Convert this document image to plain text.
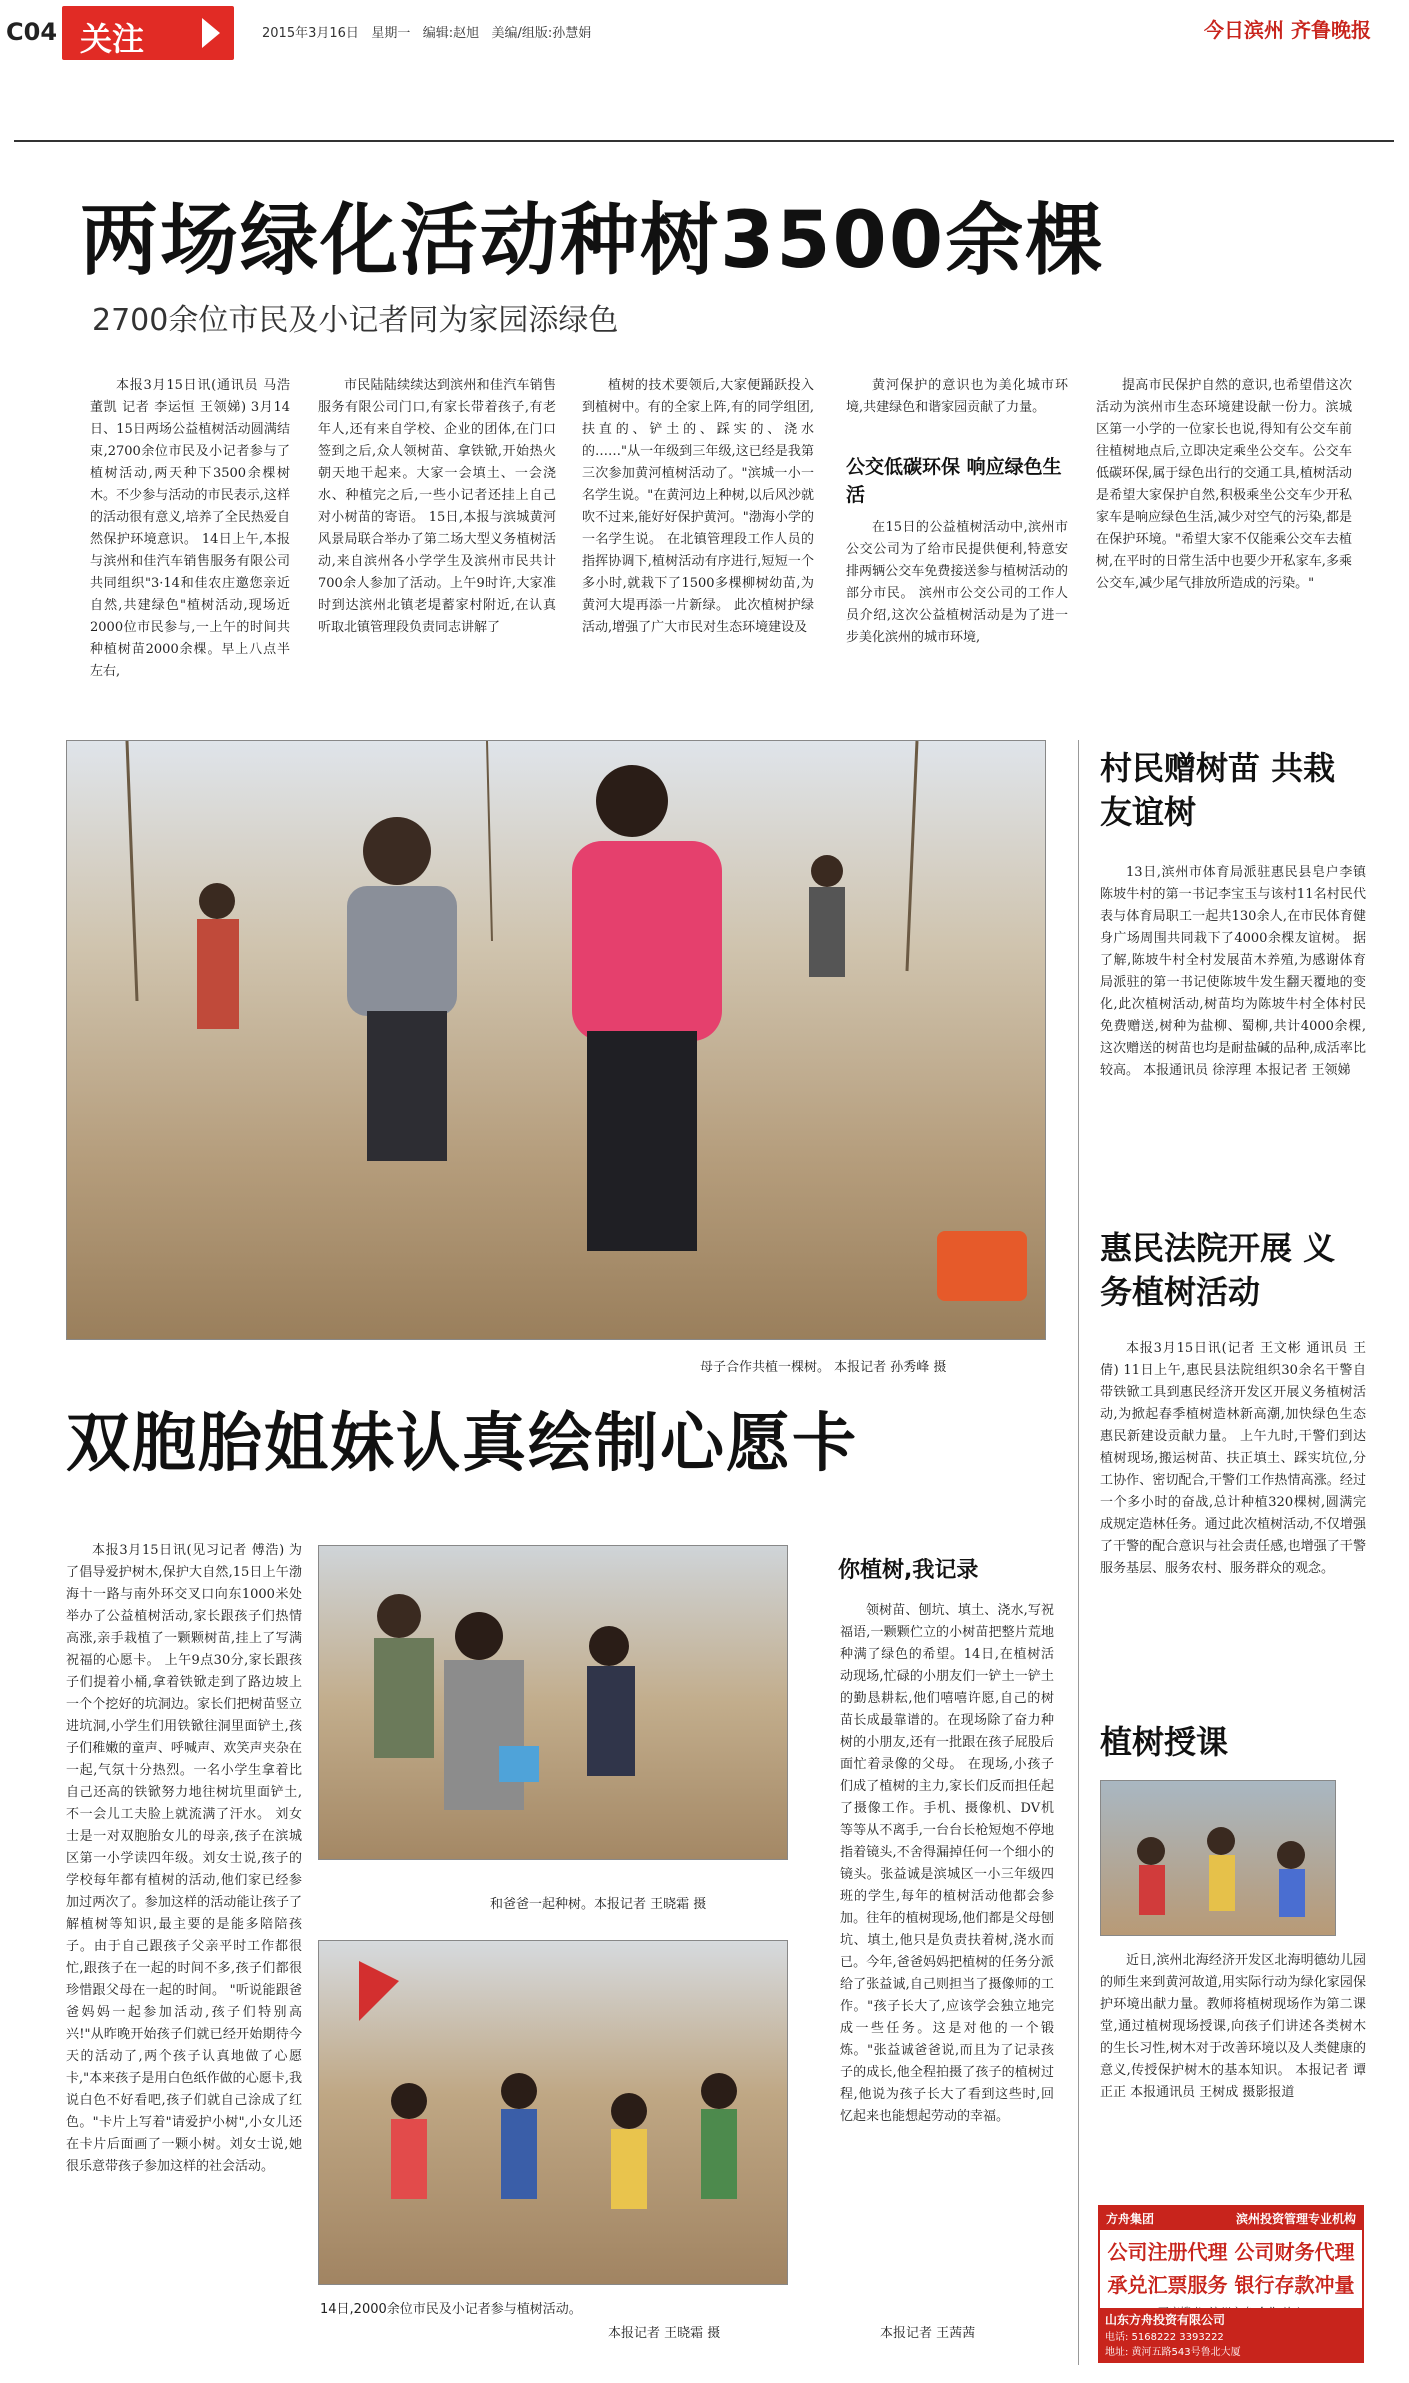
C04 关注	2015年3月16日 星期一 编辑:赵旭 美编/组版:孙慧娟	今日滨州 齐鲁晚报
两场绿化活动种树3500余棵
2700余位市民及小记者同为家园添绿色

本报3月15日讯(通讯员 马浩 董凯 记者 李运恒 王领娣) 3月14日、15日两场公益植树活动圆满结束,2700余位市民及小记者参与了植树活动,两天种下3500余棵树木。不少参与活动的市民表示,这样的活动很有意义,培养了全民热爱自然保护环境意识。 14日上午,本报与滨州和佳汽车销售服务有限公司共同组织"3·14和佳农庄邀您亲近自然,共建绿色"植树活动,现场近2000位市民参与,一上午的时间共种植树苗2000余棵。早上八点半左右,

市民陆陆续续达到滨州和佳汽车销售服务有限公司门口,有家长带着孩子,有老年人,还有来自学校、企业的团体,在门口签到之后,众人领树苗、拿铁锨,开始热火朝天地干起来。大家一会填土、一会浇水、种植完之后,一些小记者还挂上自己对小树苗的寄语。 15日,本报与滨城黄河风景局联合举办了第二场大型义务植树活动,来自滨州各小学学生及滨州市民共计700余人参加了活动。上午9时许,大家准时到达滨州北镇老堤蓄家村附近,在认真听取北镇管理段负责同志讲解了

植树的技术要领后,大家便踊跃投入到植树中。有的全家上阵,有的同学组团,扶直的、铲土的、踩实的、浇水的……"从一年级到三年级,这已经是我第三次参加黄河植树活动了。"滨城一小一名学生说。"在黄河边上种树,以后风沙就吹不过来,能好好保护黄河。"渤海小学的一名学生说。 在北镇管理段工作人员的指挥协调下,植树活动有序进行,短短一个多小时,就栽下了1500多棵柳树幼苗,为黄河大堤再添一片新绿。 此次植树护绿活动,增强了广大市民对生态环境建设及

黄河保护的意识也为美化城市环境,共建绿色和谐家园贡献了力量。

公交低碳环保 响应绿色生活

在15日的公益植树活动中,滨州市公交公司为了给市民提供便利,特意安排两辆公交车免费接送参与植树活动的部分市民。 滨州市公交公司的工作人员介绍,这次公益植树活动是为了进一步美化滨州的城市环境,

提高市民保护自然的意识,也希望借这次活动为滨州市生态环境建设献一份力。滨城区第一小学的一位家长也说,得知有公交车前往植树地点后,立即决定乘坐公交车。公交车低碳环保,属于绿色出行的交通工具,植树活动是希望大家保护自然,积极乘坐公交车少开私家车是响应绿色生活,减少对空气的污染,都是在保护环境。"希望大家不仅能乘公交车去植树,在平时的日常生活中也要少开私家车,多乘公交车,减少尾气排放所造成的污染。"

母子合作共植一棵树。 本报记者 孙秀峰 摄
村民赠树苗 共栽友谊树

13日,滨州市体育局派驻惠民县皂户李镇陈坡牛村的第一书记李宝玉与该村11名村民代表与体育局职工一起共130余人,在市民体育健身广场周围共同栽下了4000余棵友谊树。 据了解,陈坡牛村全村发展苗木养殖,为感谢体育局派驻的第一书记使陈坡牛发生翻天覆地的变化,此次植树活动,树苗均为陈坡牛村全体村民免费赠送,树种为盐柳、蜀柳,共计4000余棵,这次赠送的树苗也均是耐盐碱的品种,成活率比较高。 本报通讯员 徐淳理 本报记者 王领娣

惠民法院开展 义务植树活动

本报3月15日讯(记者 王文彬 通讯员 王倩) 11日上午,惠民县法院组织30余名干警自带铁锨工具到惠民经济开发区开展义务植树活动,为掀起春季植树造林新高潮,加快绿色生态惠民新建设贡献力量。 上午九时,干警们到达植树现场,搬运树苗、扶正填土、踩实坑位,分工协作、密切配合,干警们工作热情高涨。经过一个多小时的奋战,总计种植320棵树,圆满完成规定造林任务。通过此次植树活动,不仅增强了干警的配合意识与社会责任感,也增强了干警服务基层、服务农村、服务群众的观念。

植树授课

近日,滨州北海经济开发区北海明德幼儿园的师生来到黄河故道,用实际行动为绿化家园保护环境出献力量。教师将植树现场作为第二课堂,通过植树现场授课,向孩子们讲述各类树木的生长习性,树木对于改善环境以及人类健康的意义,传授保护树木的基本知识。 本报记者 谭正正 本报通讯员 王树成 摄影报道

方舟集团	滨州投资管理专业机构
公司注册代理 公司财务代理
承兑汇票服务 银行存款冲量
山东方舟投资有限公司
电话: 5168222 3393222
地址: 黄河五路543号鲁北大厦
双胞胎姐妹认真绘制心愿卡

本报3月15日讯(见习记者 傅浩) 为了倡导爱护树木,保护大自然,15日上午渤海十一路与南外环交叉口向东1000米处举办了公益植树活动,家长跟孩子们热情高涨,亲手栽植了一颗颗树苗,挂上了写满祝福的心愿卡。 上午9点30分,家长跟孩子们提着小桶,拿着铁锨走到了路边坡上一个个挖好的坑洞边。家长们把树苗竖立进坑洞,小学生们用铁锨往洞里面铲土,孩子们稚嫩的童声、呼喊声、欢笑声夹杂在一起,气氛十分热烈。一名小学生拿着比自己还高的铁锨努力地往树坑里面铲土,不一会儿工夫脸上就流满了汗水。 刘女士是一对双胞胎女儿的母亲,孩子在滨城区第一小学读四年级。刘女士说,孩子的学校每年都有植树的活动,他们家已经参加过两次了。参加这样的活动能让孩子了解植树等知识,最主要的是能多陪陪孩子。由于自己跟孩子父亲平时工作都很忙,跟孩子在一起的时间不多,孩子们都很珍惜跟父母在一起的时间。 "听说能跟爸爸妈妈一起参加活动,孩子们特别高兴!"从昨晚开始孩子们就已经开始期待今天的活动了,两个孩子认真地做了心愿卡,"本来孩子是用白色纸作做的心愿卡,我说白色不好看吧,孩子们就自己涂成了红色。"卡片上写着"请爱护小树",小女儿还在卡片后面画了一颗小树。刘女士说,她很乐意带孩子参加这样的社会活动。

和爸爸一起种树。本报记者 王晓霜 摄
14日,2000余位市民及小记者参与植树活动。
本报记者 王晓霜 摄
你植树,我记录

领树苗、刨坑、填土、浇水,写祝福语,一颗颗伫立的小树苗把整片荒地种满了绿色的希望。14日,在植树活动现场,忙碌的小朋友们一铲土一铲土的勤恳耕耘,他们嘻嘻许愿,自己的树苗长成最靠谱的。在现场除了奋力种树的小朋友,还有一批跟在孩子屁股后面忙着录像的父母。 在现场,小孩子们成了植树的主力,家长们反而担任起了摄像工作。手机、摄像机、DV机等等从不离手,一台台长枪短炮不停地指着镜头,不舍得漏掉任何一个细小的镜头。张益诚是滨城区一小三年级四班的学生,每年的植树活动他都会参加。往年的植树现场,他们都是父母刨坑、填土,他只是负责扶着树,浇水而已。今年,爸爸妈妈把植树的任务分派给了张益诚,自己则担当了摄像师的工作。"孩子长大了,应该学会独立地完成一些任务。这是对他的一个锻炼。"张益诚爸爸说,而且为了记录孩子的成长,他全程拍摄了孩子的植树过程,他说为孩子长大了看到这些时,回忆起来也能想起劳动的幸福。

本报记者 王茜茜
